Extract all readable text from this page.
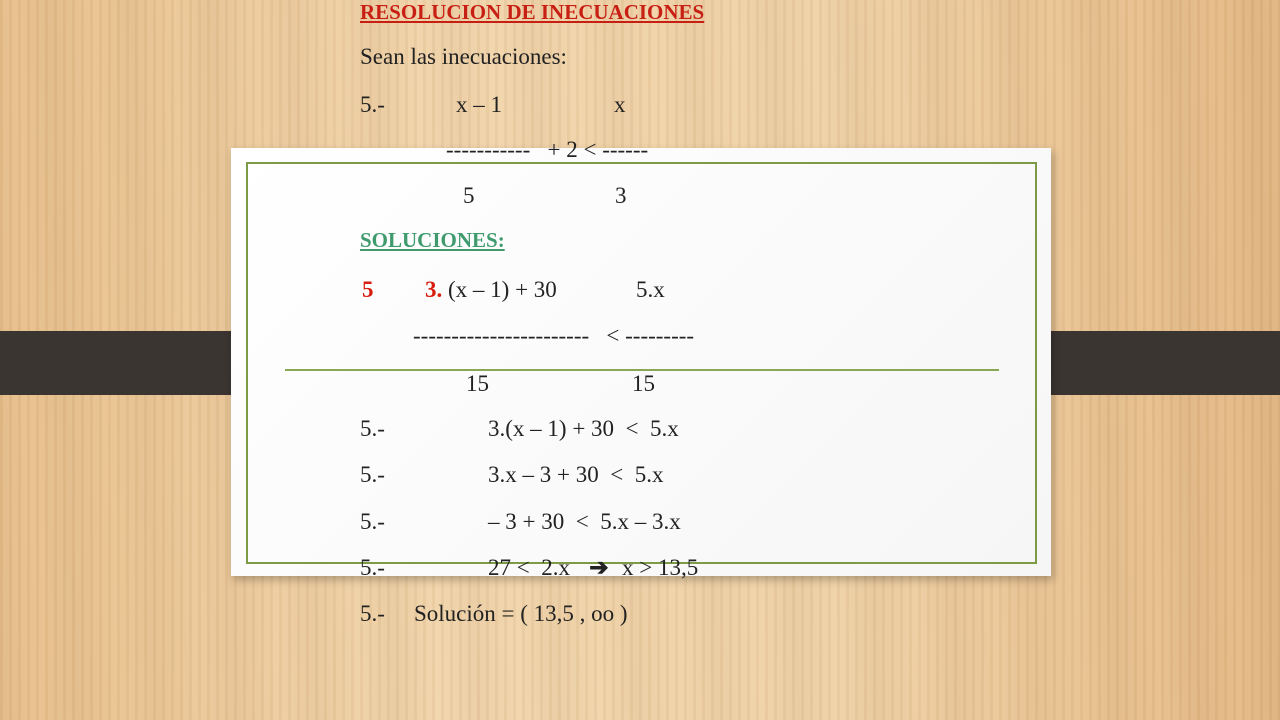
RESOLUCION DE INECUACIONES
Sean las inecuaciones:
5.-	x – 1	x
-----------   + 2 < ------
5	3
SOLUCIONES:
5 3. (x – 1) + 30	5.x
-----------------------   < ---------
15	15
5.-	3.(x – 1) + 30  <  5.x
5.-	3.x – 3 + 30  <  5.x
5.-	– 3 + 30  <  5.x – 3.x
5.-	27 <  2.x ➔ x > 13,5
5.- Solución = ( 13,5 , oo )
